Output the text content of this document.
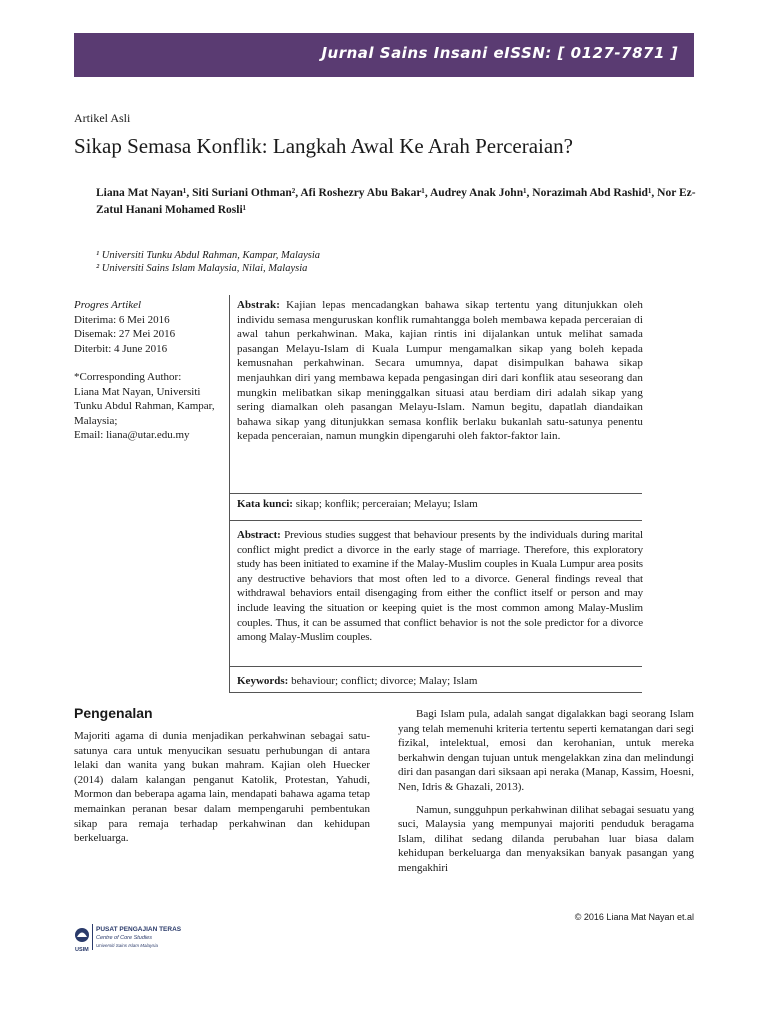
Jurnal Sains Insani eISSN: [ 0127-7871 ]
Artikel Asli
Sikap Semasa Konflik: Langkah Awal Ke Arah Perceraian?
Liana Mat Nayan¹, Siti Suriani Othman², Afi Roshezry Abu Bakar¹, Audrey Anak John¹, Norazimah Abd Rashid¹, Nor Ez-Zatul Hanani Mohamed Rosli¹
¹ Universiti Tunku Abdul Rahman, Kampar, Malaysia
² Universiti Sains Islam Malaysia, Nilai, Malaysia
Progres Artikel
Diterima: 6 Mei 2016
Disemak: 27 Mei 2016
Diterbit: 4 June 2016
*Corresponding Author:
Liana Mat Nayan, Universiti Tunku Abdul Rahman, Kampar, Malaysia;
Email: liana@utar.edu.my

Abstrak: Kajian lepas mencadangkan bahawa sikap tertentu yang ditunjukkan oleh individu semasa menguruskan konflik rumahtangga boleh membawa kepada perceraian di awal tahun perkahwinan. Maka, kajian rintis ini dijalankan untuk melihat samada pasangan Melayu-Islam di Kuala Lumpur mengamalkan sikap yang boleh kepada kemusnahan perkahwinan. Secara umumnya, dapat disimpulkan bahawa sikap menjauhkan diri yang membawa kepada pengasingan diri dari konflik atau seseorang dan mungkin melibatkan sikap meninggalkan situasi atau berdiam diri adalah sikap yang sering diamalkan oleh pasangan Melayu-Islam. Namun begitu, dapatlah diandaikan bahawa sikap yang ditunjukkan semasa konflik berlaku bukanlah satu-satunya penentu kepada penceraian, namun mungkin dipengaruhi oleh faktor-faktor lain.

Kata kunci: sikap; konflik; perceraian; Melayu; Islam

Abstract: Previous studies suggest that behaviour presents by the individuals during marital conflict might predict a divorce in the early stage of marriage. Therefore, this exploratory study has been initiated to examine if the Malay-Muslim couples in Kuala Lumpur area posits any destructive behaviors that most often led to a divorce. General findings reveal that withdrawal behaviors entail disengaging from either the conflict itself or person and may include leaving the situation or keeping quiet is the most common among Malay-Muslim couples. Thus, it can be assumed that conflict behavior is not the sole predictor for a divorce among Malay-Muslim couples.

Keywords: behaviour; conflict; divorce; Malay; Islam

Pengenalan
Majoriti agama di dunia menjadikan perkahwinan sebagai satu-satunya cara untuk menyucikan sesuatu perhubungan di antara lelaki dan wanita yang bukan mahram. Kajian oleh Huecker (2014) dalam kalangan penganut Katolik, Protestan, Yahudi, Mormon dan beberapa agama lain, mendapati bahawa agama tetap memainkan peranan besar dalam mempengaruhi pembentukan sikap para remaja terhadap perkahwinan dan kehidupan berkeluarga.
Bagi Islam pula, adalah sangat digalakkan bagi seorang Islam yang telah memenuhi kriteria tertentu seperti kematangan dari segi fizikal, intelektual, emosi dan kerohanian, untuk mereka berkahwin dengan tujuan untuk mengelakkan zina dan melindungi diri dan pasangan dari siksaan api neraka (Manap, Kassim, Hoesni, Nen, Idris & Ghazali, 2013).
Namun, sungguhpun perkahwinan dilihat sebagai sesuatu yang suci, Malaysia yang mempunyai majoriti penduduk beragama Islam, dilihat sedang dilanda perubahan luar biasa dalam kehidupan berkeluarga dan menyaksikan banyak pasangan yang mengakhiri
© 2016 Liana Mat Nayan et.al
USIM
PUSAT PENGAJIAN TERAS
Centre of Core Studies
Universiti Sains Islam Malaysia
